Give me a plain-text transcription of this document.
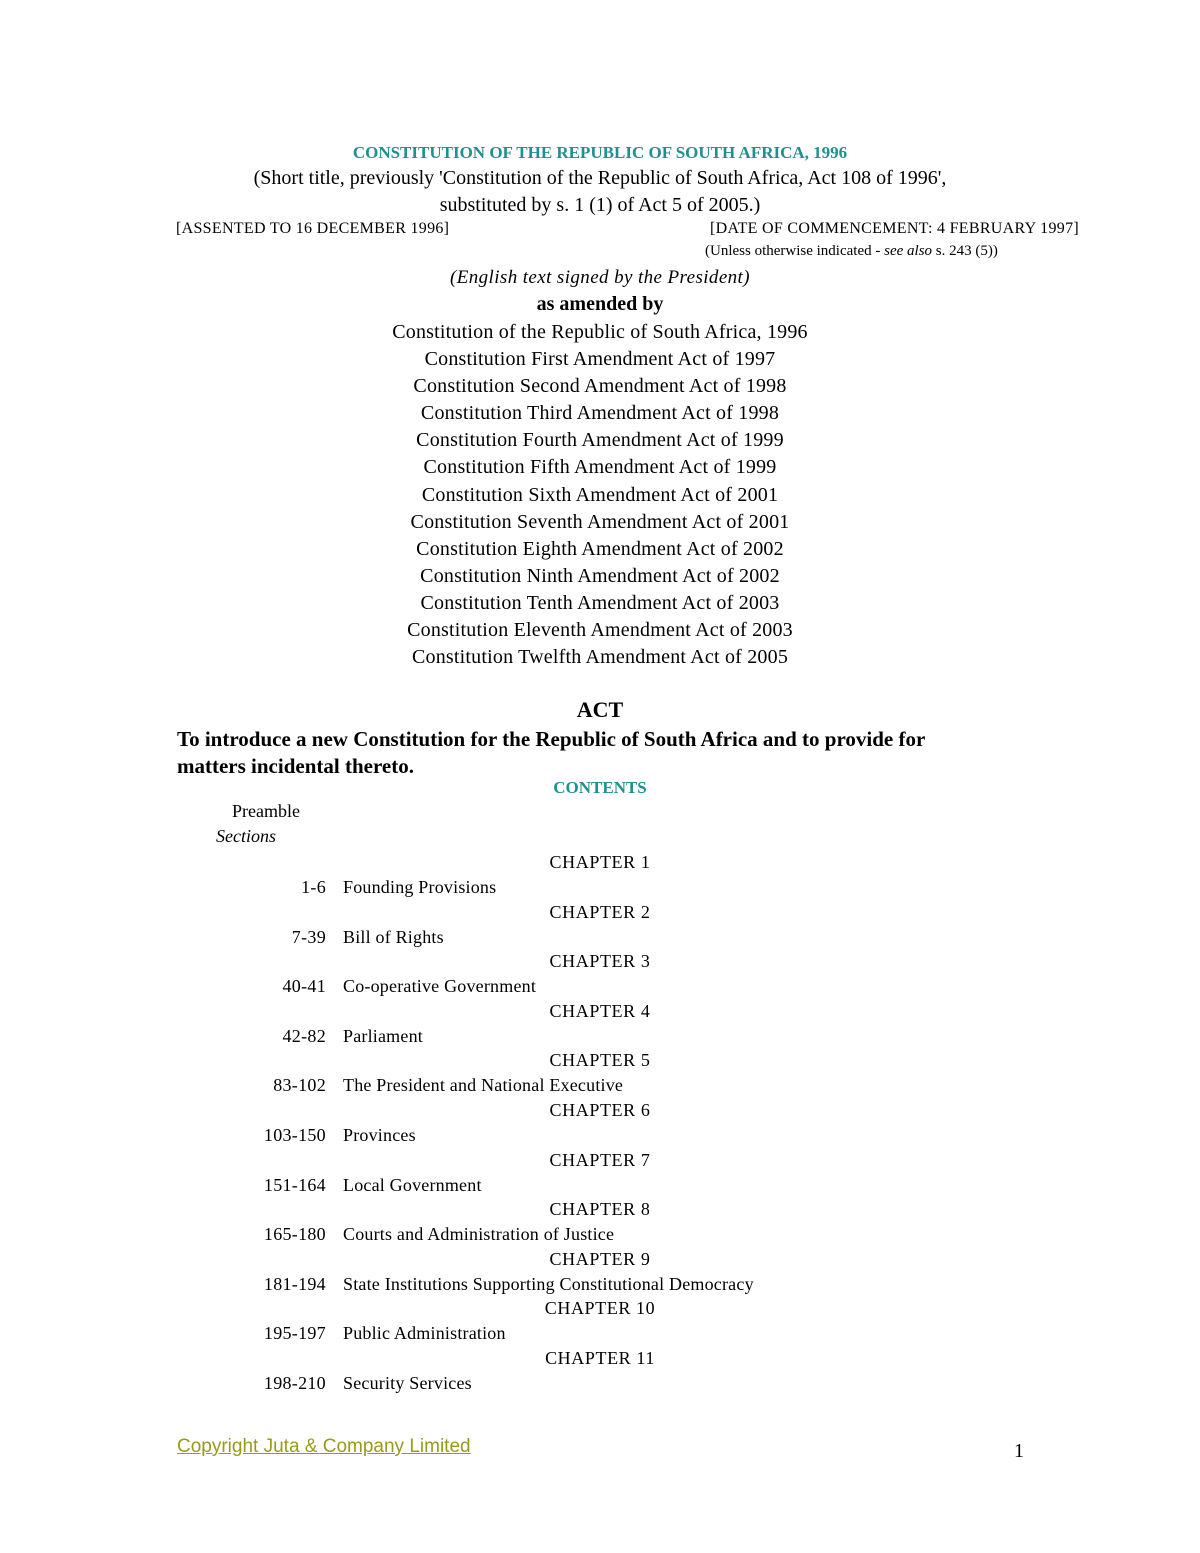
CONSTITUTION OF THE REPUBLIC OF SOUTH AFRICA, 1996
(Short title, previously 'Constitution of the Republic of South Africa, Act 108 of 1996',
substituted by s. 1 (1) of Act 5 of 2005.)
[ASSENTED TO 16 DECEMBER 1996]	[DATE OF COMMENCEMENT: 4 FEBRUARY 1997]
(Unless otherwise indicated - see also s. 243 (5))
(English text signed by the President)
as amended by
Constitution of the Republic of South Africa, 1996
Constitution First Amendment Act of 1997
Constitution Second Amendment Act of 1998
Constitution Third Amendment Act of 1998
Constitution Fourth Amendment Act of 1999
Constitution Fifth Amendment Act of 1999
Constitution Sixth Amendment Act of 2001
Constitution Seventh Amendment Act of 2001
Constitution Eighth Amendment Act of 2002
Constitution Ninth Amendment Act of 2002
Constitution Tenth Amendment Act of 2003
Constitution Eleventh Amendment Act of 2003
Constitution Twelfth Amendment Act of 2005
ACT
To introduce a new Constitution for the Republic of South Africa and to provide for
matters incidental thereto.
CONTENTS
Preamble
Sections
CHAPTER 1
1-6 Founding Provisions
CHAPTER 2
7-39 Bill of Rights
CHAPTER 3
40-41 Co-operative Government
CHAPTER 4
42-82 Parliament
CHAPTER 5
83-102 The President and National Executive
CHAPTER 6
103-150 Provinces
CHAPTER 7
151-164 Local Government
CHAPTER 8
165-180 Courts and Administration of Justice
CHAPTER 9
181-194 State Institutions Supporting Constitutional Democracy
CHAPTER 10
195-197 Public Administration
CHAPTER 11
198-210 Security Services
Copyright Juta & Company Limited	1
